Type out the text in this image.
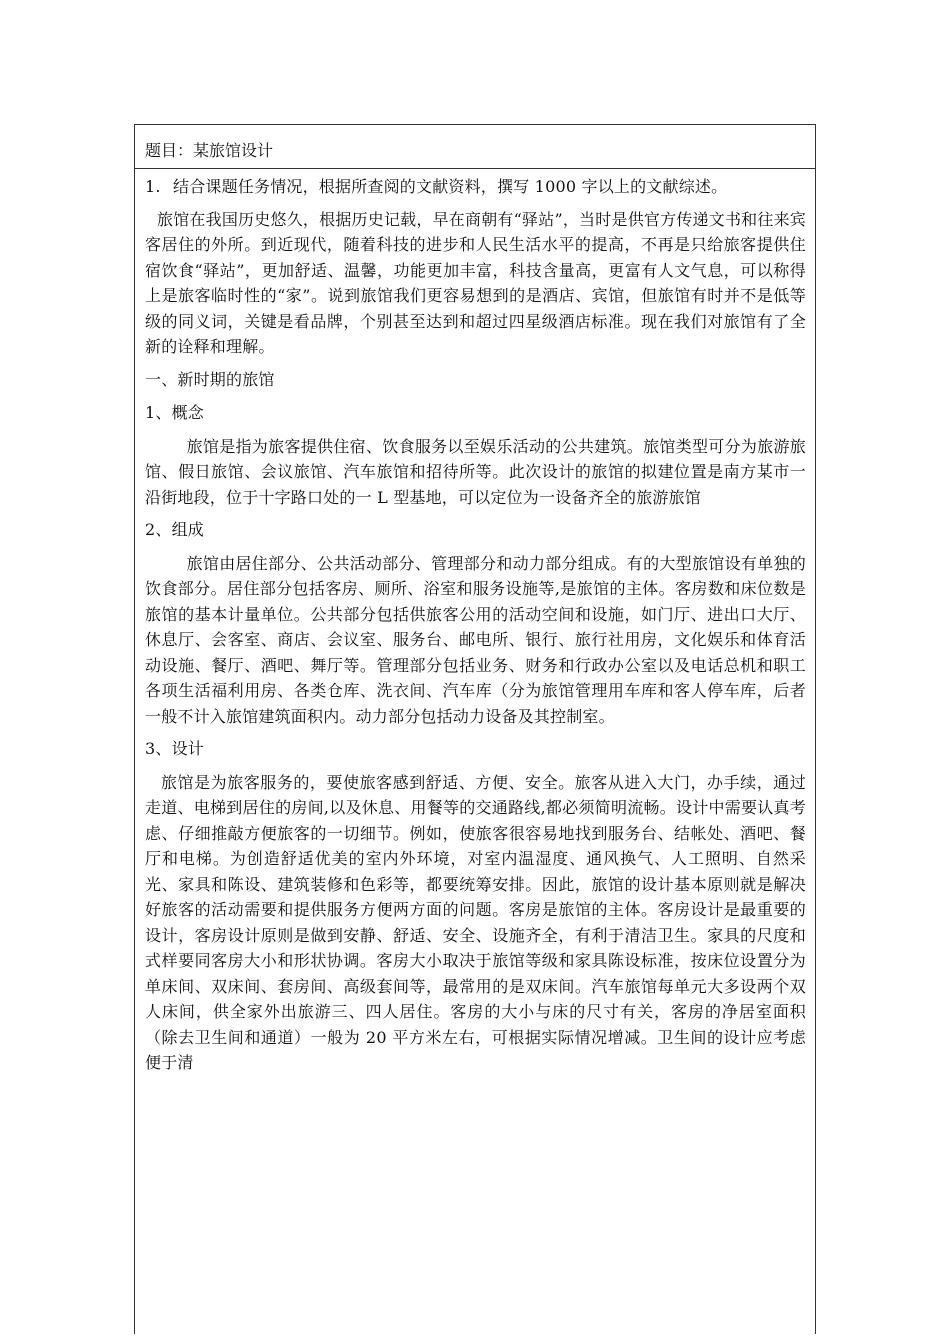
题目：某旅馆设计

1. 结合课题任务情况，根据所查阅的文献资料，撰写 1000 字以上的文献综述。

旅馆在我国历史悠久，根据历史记载，早在商朝有“驿站”，当时是供官方传递文书和往来宾客居住的外所。到近现代，随着科技的进步和人民生活水平的提高，不再是只给旅客提供住宿饮食“驿站”，更加舒适、温馨，功能更加丰富，科技含量高，更富有人文气息，可以称得上是旅客临时性的“家”。说到旅馆我们更容易想到的是酒店、宾馆，但旅馆有时并不是低等级的同义词，关键是看品牌，个别甚至达到和超过四星级酒店标准。现在我们对旅馆有了全新的诠释和理解。

一、新时期的旅馆

1、概念

旅馆是指为旅客提供住宿、饮食服务以至娱乐活动的公共建筑。旅馆类型可分为旅游旅馆、假日旅馆、会议旅馆、汽车旅馆和招待所等。此次设计的旅馆的拟建位置是南方某市一沿街地段，位于十字路口处的一 L 型基地，可以定位为一设备齐全的旅游旅馆

2、组成

旅馆由居住部分、公共活动部分、管理部分和动力部分组成。有的大型旅馆设有单独的饮食部分。居住部分包括客房、厕所、浴室和服务设施等,是旅馆的主体。客房数和床位数是旅馆的基本计量单位。公共部分包括供旅客公用的活动空间和设施，如门厅、进出口大厅、休息厅、会客室、商店、会议室、服务台、邮电所、银行、旅行社用房，文化娱乐和体育活动设施、餐厅、酒吧、舞厅等。管理部分包括业务、财务和行政办公室以及电话总机和职工各项生活福利用房、各类仓库、洗衣间、汽车库（分为旅馆管理用车库和客人停车库，后者一般不计入旅馆建筑面积内。动力部分包括动力设备及其控制室。

3、设计

旅馆是为旅客服务的，要使旅客感到舒适、方便、安全。旅客从进入大门，办手续，通过走道、电梯到居住的房间,以及休息、用餐等的交通路线,都必须简明流畅。设计中需要认真考虑、仔细推敲方便旅客的一切细节。例如，使旅客很容易地找到服务台、结帐处、酒吧、餐厅和电梯。为创造舒适优美的室内外环境，对室内温湿度、通风换气、人工照明、自然采光、家具和陈设、建筑装修和色彩等，都要统筹安排。因此，旅馆的设计基本原则就是解决好旅客的活动需要和提供服务方便两方面的问题。客房是旅馆的主体。客房设计是最重要的设计，客房设计原则是做到安静、舒适、安全、设施齐全，有利于清洁卫生。家具的尺度和式样要同客房大小和形状协调。客房大小取决于旅馆等级和家具陈设标准，按床位设置分为单床间、双床间、套房间、高级套间等，最常用的是双床间。汽车旅馆每单元大多设两个双人床间，供全家外出旅游三、四人居住。客房的大小与床的尺寸有关，客房的净居室面积（除去卫生间和通道）一般为 20 平方米左右，可根据实际情况增减。卫生间的设计应考虑便于清
